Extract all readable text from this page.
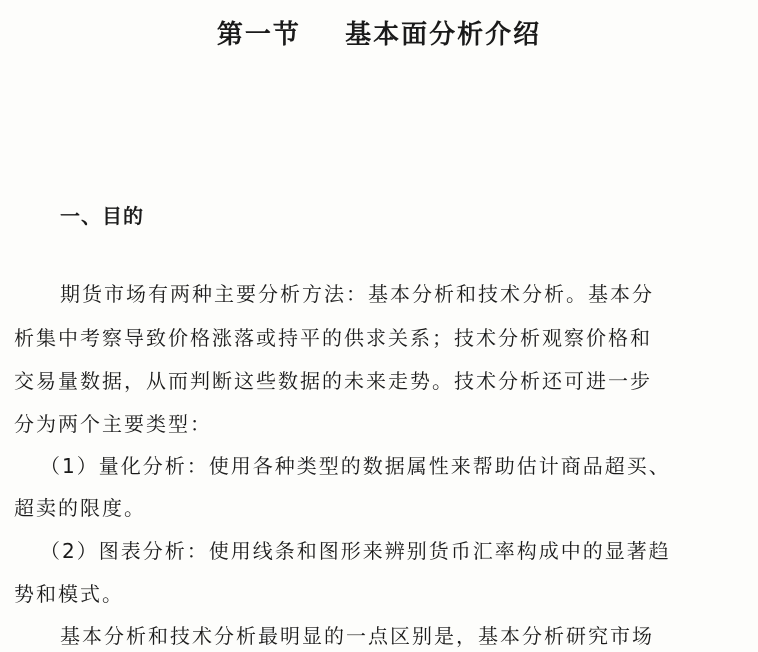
第一节    基本面分析介绍
一、目的
期货市场有两种主要分析方法：基本分析和技术分析。基本分
析集中考察导致价格涨落或持平的供求关系；技术分析观察价格和
交易量数据，从而判断这些数据的未来走势。技术分析还可进一步
分为两个主要类型：
（1）量化分析：使用各种类型的数据属性来帮助估计商品超买、
超卖的限度。
（2）图表分析：使用线条和图形来辨别货币汇率构成中的显著趋
势和模式。
基本分析和技术分析最明显的一点区别是，基本分析研究市场
